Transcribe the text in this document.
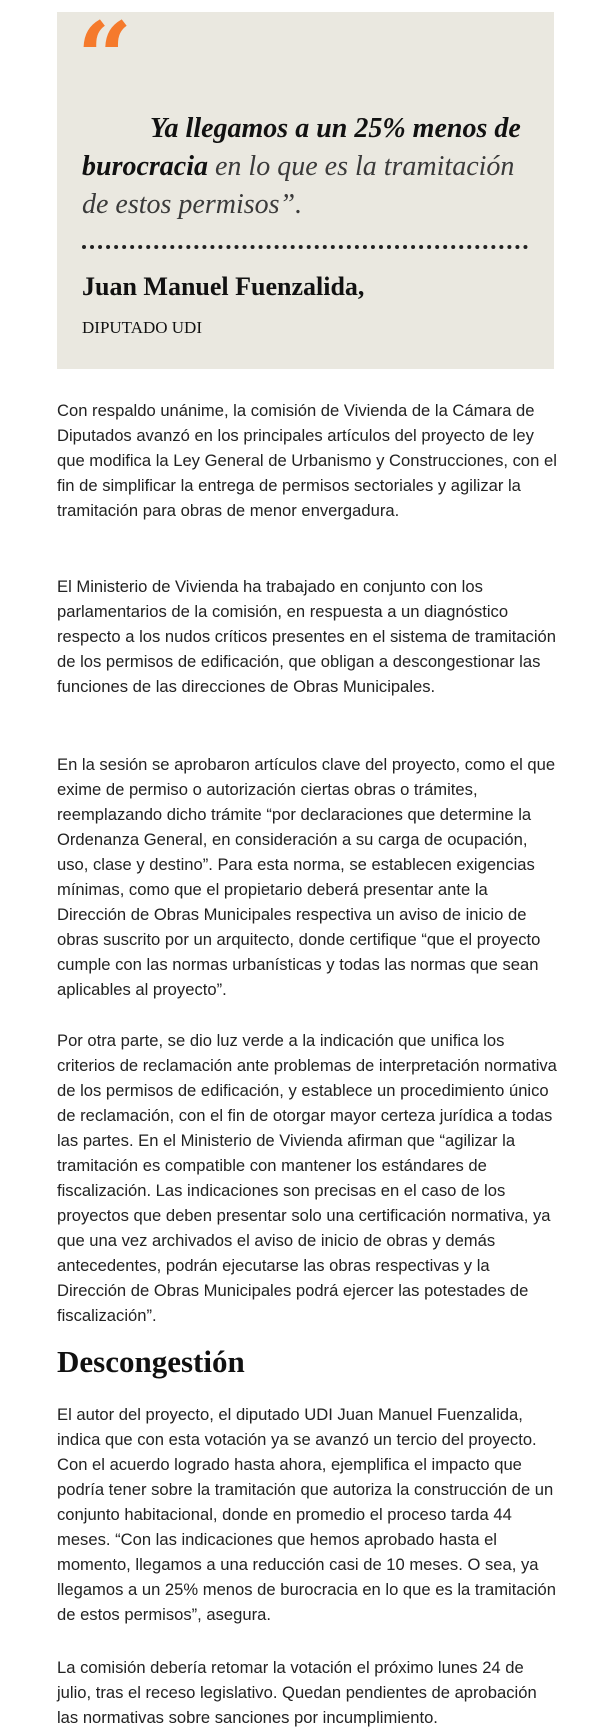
“

Ya llegamos a un 25% menos de burocracia en lo que es la tramitación de estos permisos”.

Juan Manuel Fuenzalida,

DIPUTADO UDI

Con respaldo unánime, la comisión de Vivienda de la Cámara de Diputados avanzó en los principales artículos del proyecto de ley que modifica la Ley General de Urbanismo y Construcciones, con el fin de simplificar la entrega de permisos sectoriales y agilizar la tramitación para obras de menor envergadura.

El Ministerio de Vivienda ha trabajado en conjunto con los parlamentarios de la comisión, en respuesta a un diagnóstico respecto a los nudos críticos presentes en el sistema de tramitación de los permisos de edificación, que obligan a descongestionar las funciones de las direcciones de Obras Municipales.

En la sesión se aprobaron artículos clave del proyecto, como el que exime de permiso o autorización ciertas obras o trámites, reemplazando dicho trámite “por declaraciones que determine la Ordenanza General, en consideración a su carga de ocupación, uso, clase y destino”. Para esta norma, se establecen exigencias mínimas, como que el propietario deberá presentar ante la Dirección de Obras Municipales respectiva un aviso de inicio de obras suscrito por un arquitecto, donde certifique “que el proyecto cumple con las normas urbanísticas y todas las normas que sean aplicables al proyecto”.

Por otra parte, se dio luz verde a la indicación que unifica los criterios de reclamación ante problemas de interpretación normativa de los permisos de edificación, y establece un procedimiento único de reclamación, con el fin de otorgar mayor certeza jurídica a todas las partes. En el Ministerio de Vivienda afirman que “agilizar la tramitación es compatible con mantener los estándares de fiscalización. Las indicaciones son precisas en el caso de los proyectos que deben presentar solo una certificación normativa, ya que una vez archivados el aviso de inicio de obras y demás antecedentes, podrán ejecutarse las obras respectivas y la Dirección de Obras Municipales podrá ejercer las potestades de fiscalización”.

Descongestión

El autor del proyecto, el diputado UDI Juan Manuel Fuenzalida, indica que con esta votación ya se avanzó un tercio del proyecto. Con el acuerdo logrado hasta ahora, ejemplifica el impacto que podría tener sobre la tramitación que autoriza la construcción de un conjunto habitacional, donde en promedio el proceso tarda 44 meses. “Con las indicaciones que hemos aprobado hasta el momento, llegamos a una reducción casi de 10 meses. O sea, ya llegamos a un 25% menos de burocracia en lo que es la tramitación de estos permisos”, asegura.

La comisión debería retomar la votación el próximo lunes 24 de julio, tras el receso legislativo. Quedan pendientes de aprobación las normativas sobre sanciones por incumplimiento.
